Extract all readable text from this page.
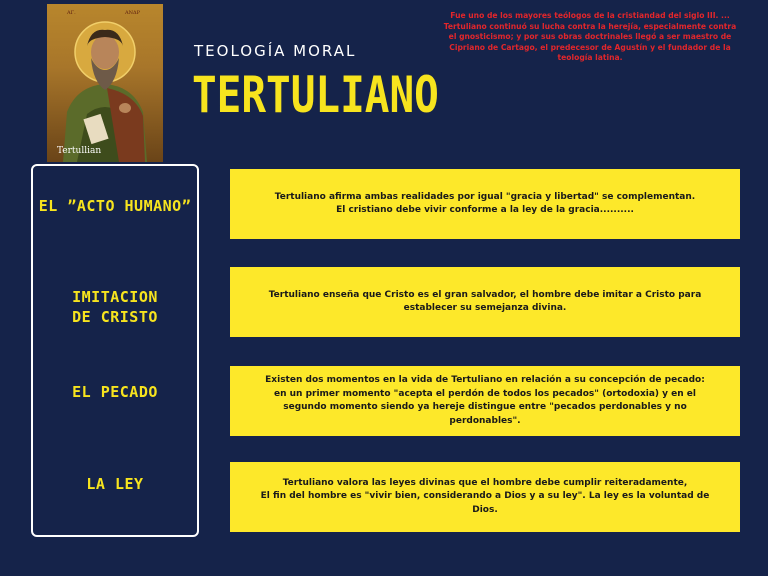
ΑΓ.	ΑΝΔΡ
Tertullian
TEOLOGÍA MORAL
TERTULIANO
Fue uno de los mayores teólogos de la cristiandad del siglo III. ... Tertuliano continuó su lucha contra la herejía, especialmente contra el gnosticismo; y por sus obras doctrinales llegó a ser maestro de Cipriano de Cartago, el predecesor de Agustín y el fundador de la teología latina.
EL ”ACTO HUMANO”
IMITACION DE CRISTO
EL PECADO
LA LEY

Tertuliano afirma ambas realidades por igual "gracia y libertad" se complementan.
El cristiano debe vivir conforme a la ley de la gracia..........

Tertuliano enseña que Cristo es el gran salvador, el hombre debe imitar a Cristo para establecer su semejanza divina.

Existen dos momentos en la vida de Tertuliano en relación a su concepción de pecado:
en un primer momento "acepta el perdón de todos los pecados" (ortodoxia) y en el segundo momento siendo ya hereje distingue entre "pecados perdonables y no perdonables".

Tertuliano valora las leyes divinas que el hombre debe cumplir reiteradamente,
El fin del hombre es "vivir bien, considerando a Dios y a su ley". La ley es la voluntad de Dios.
